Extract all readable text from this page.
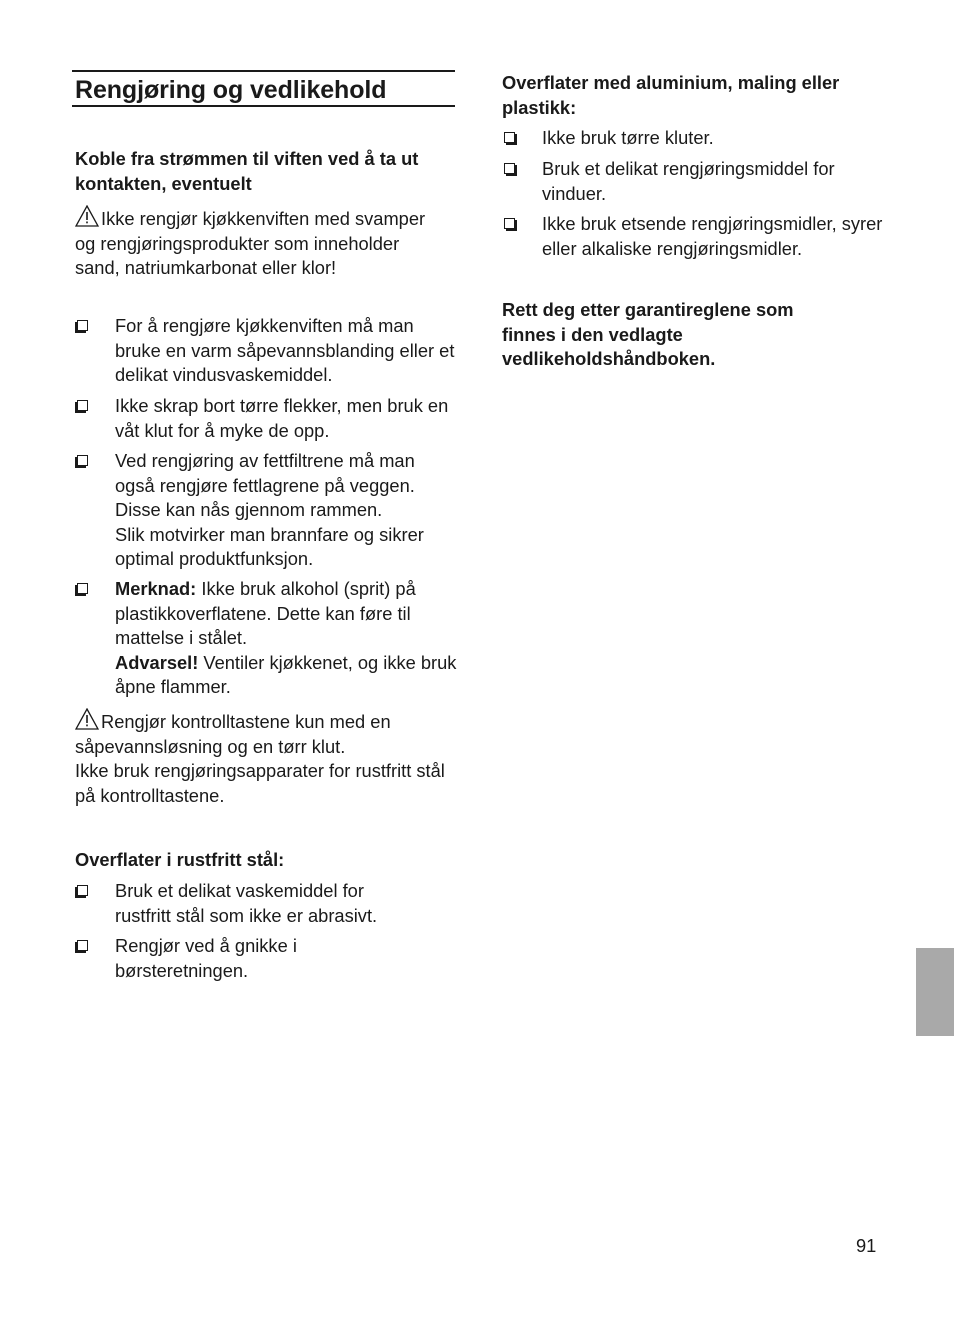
Rengjøring og vedlikehold

Koble fra strømmen til viften ved å ta ut kontakten, eventuelt

Ikke rengjør kjøkkenviften med svamper og rengjøringsprodukter som inneholder sand, natriumkarbonat eller klor!

For å rengjøre kjøkkenviften må man bruke en varm såpevannsblanding eller et delikat vindusvaskemiddel.

Ikke skrap bort tørre flekker, men bruk en våt klut for å myke de opp.

Ved rengjøring av fettfiltrene må man også rengjøre fettlagrene på veggen. Disse kan nås gjennom rammen.

Slik motvirker man brannfare og sikrer optimal produktfunksjon.

Merknad: Ikke bruk alkohol (sprit) på plastikkoverflatene. Dette kan føre til mattelse i stålet.

Advarsel! Ventiler kjøkkenet, og ikke bruk åpne flammer.

Rengjør kontrolltastene kun med en såpevannsløsning og en tørr klut.

Ikke bruk rengjøringsapparater for rustfritt stål på kontrolltastene.

Overflater i rustfritt stål:

Bruk et delikat vaskemiddel for rustfritt stål som ikke er abrasivt.

Rengjør ved å gnikke i børsteretningen.

Overflater med aluminium, maling eller plastikk:

Ikke bruk tørre kluter.

Bruk et delikat rengjøringsmiddel for vinduer.

Ikke bruk etsende rengjøringsmidler, syrer eller alkaliske rengjøringsmidler.

Rett deg etter garantireglene som finnes i den vedlagte vedlikeholdshåndboken.

91
